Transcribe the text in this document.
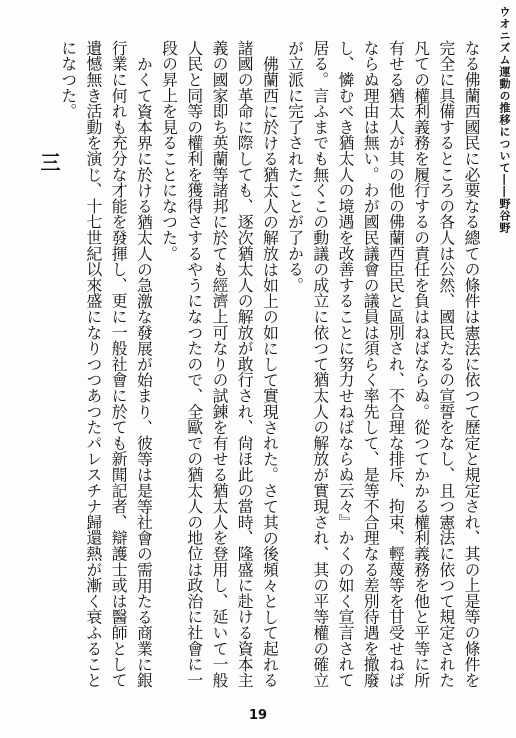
ウオニズム運動の推移について――野谷野

なる佛蘭西國民に必要なる總ての條件は憲法に依つて歷定と規定され、其の上是等の條件を完全に具備するところの各人は公然、國民たるの宣誓をなし、且つ憲法に依つて規定された凡ての權利義務を履行するの責任を負はねばならぬ。從つてかかる權利義務を他と平等に所有せる猶太人が其の他の佛蘭西臣民と區別され、不合理な排斥、拘束、輕蔑等を甘受せねばならぬ理由は無い。わが國民議會の議員は須らく率先して、是等不合理なる差別待遇を撤廢し、憐むべき猶太人の境遇を改善することに努力せねばならぬ云々』かくの如く宣言されて居る。言ふまでも無くこの動議の成立に依つて猶太人の解放が實現され、其の平等權の確立が立派に完了されたことが了かる。

佛蘭西に於ける猶太人の解放は如上の如にして實現された。さて其の後頻々として起れる諸國の革命に際しても、逐次猶太人の解放が敢行され、尙ほ此の當時、隆盛に赴ける資本主義の國家即ち英蘭等諸邦に於ても經濟上可なりの試錬を有せる猶太人を登用し、延いて一般人民と同等の權利を獲得さするやうになつたので、全歐での猶太人の地位は政治に社會に一段の昇上を見ることになつた。

かくて資本界に於ける猶太人の急激な發展が始まり、彼等は是等社會の需用たる商業に銀行業に何れも充分な才能を發揮し、更に一般社會に於ても新聞記者、辯護士或は醫師として遺憾無き活動を演じ、十七世紀以來盛になりつつあつたパレスチナ歸還熱が漸く衰ふることになつた。

三
19
